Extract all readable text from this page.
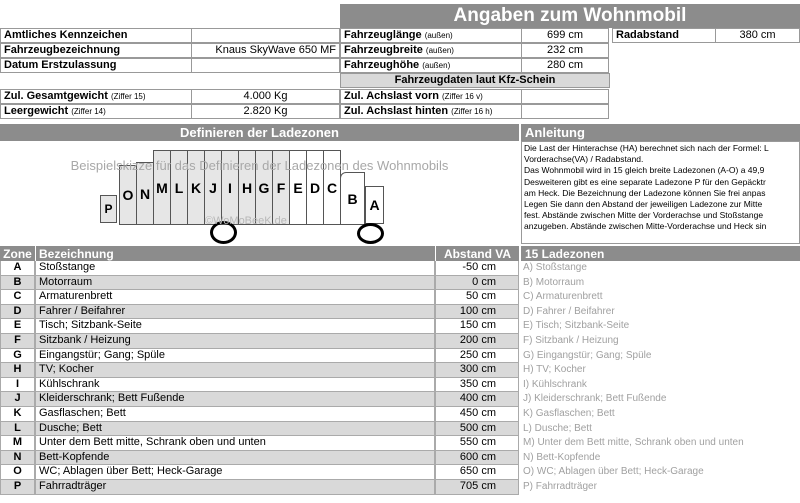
Angaben zum Wohnmobil
Amtliches Kennzeichen
Fahrzeugbezeichnung	Knaus SkyWave 650 MF
Datum Erstzulassung
Fahrzeuglänge (außen)	699 cm
Fahrzeugbreite (außen)	232 cm
Fahrzeughöhe (außen)	280 cm
Radabstand	380 cm
Fahrzeugdaten laut Kfz-Schein
Zul. Gesamtgewicht (Ziffer 15)	4.000 Kg
Leergewicht (Ziffer 14)	2.820 Kg
Zul. Achslast vorn (Ziffer 16 v)
Zul. Achslast hinten (Ziffer 16 h)
Definieren der Ladezonen	Anleitung
P
O N M L K J I H G F E D C
B A
Beispielskizze für das Definieren der Ladezonen des Wohnmobils
©WoMoBeeK.de
Die Last der Hinterachse (HA) berechnet sich nach der Formel: L
Vorderachse(VA) / Radabstand.
Das Wohnmobil wird in 15 gleich breite Ladezonen (A-O) a 49,9
Desweiteren gibt es eine separate Ladezone P für den Gepäcktr
am Heck. Die Bezeichnung der Ladezone können Sie frei anpas
Legen Sie dann den Abstand der jeweiligen Ladezone zur Mitte
fest. Abstände zwischen Mitte der Vorderachse und Stoßstange
anzugeben. Abstände zwischen Mitte-Vorderachse und Heck sin
Zone Bezeichnung	Abstand VA	15 Ladezonen
A	Stoßstange	-50 cm	A) Stoßstange
B	Motorraum	0 cm	B) Motorraum
C	Armaturenbrett	50 cm	C) Armaturenbrett
D	Fahrer / Beifahrer	100 cm	D) Fahrer / Beifahrer
E	Tisch; Sitzbank-Seite	150 cm	E) Tisch; Sitzbank-Seite
F	Sitzbank / Heizung	200 cm	F) Sitzbank / Heizung
G	Eingangstür; Gang; Spüle	250 cm	G) Eingangstür; Gang; Spüle
H	TV; Kocher	300 cm	H) TV; Kocher
I	Kühlschrank	350 cm	I) Kühlschrank
J	Kleiderschrank; Bett Fußende	400 cm	J) Kleiderschrank; Bett Fußende
K	Gasflaschen; Bett	450 cm	K) Gasflaschen; Bett
L	Dusche; Bett	500 cm	L) Dusche; Bett
M	Unter dem Bett mitte, Schrank oben und unten	550 cm	M) Unter dem Bett mitte, Schrank oben und unten
N	Bett-Kopfende	600 cm	N) Bett-Kopfende
O	WC; Ablagen über Bett; Heck-Garage	650 cm	O) WC; Ablagen über Bett; Heck-Garage
P	Fahrradträger	705 cm	P) Fahrradträger
